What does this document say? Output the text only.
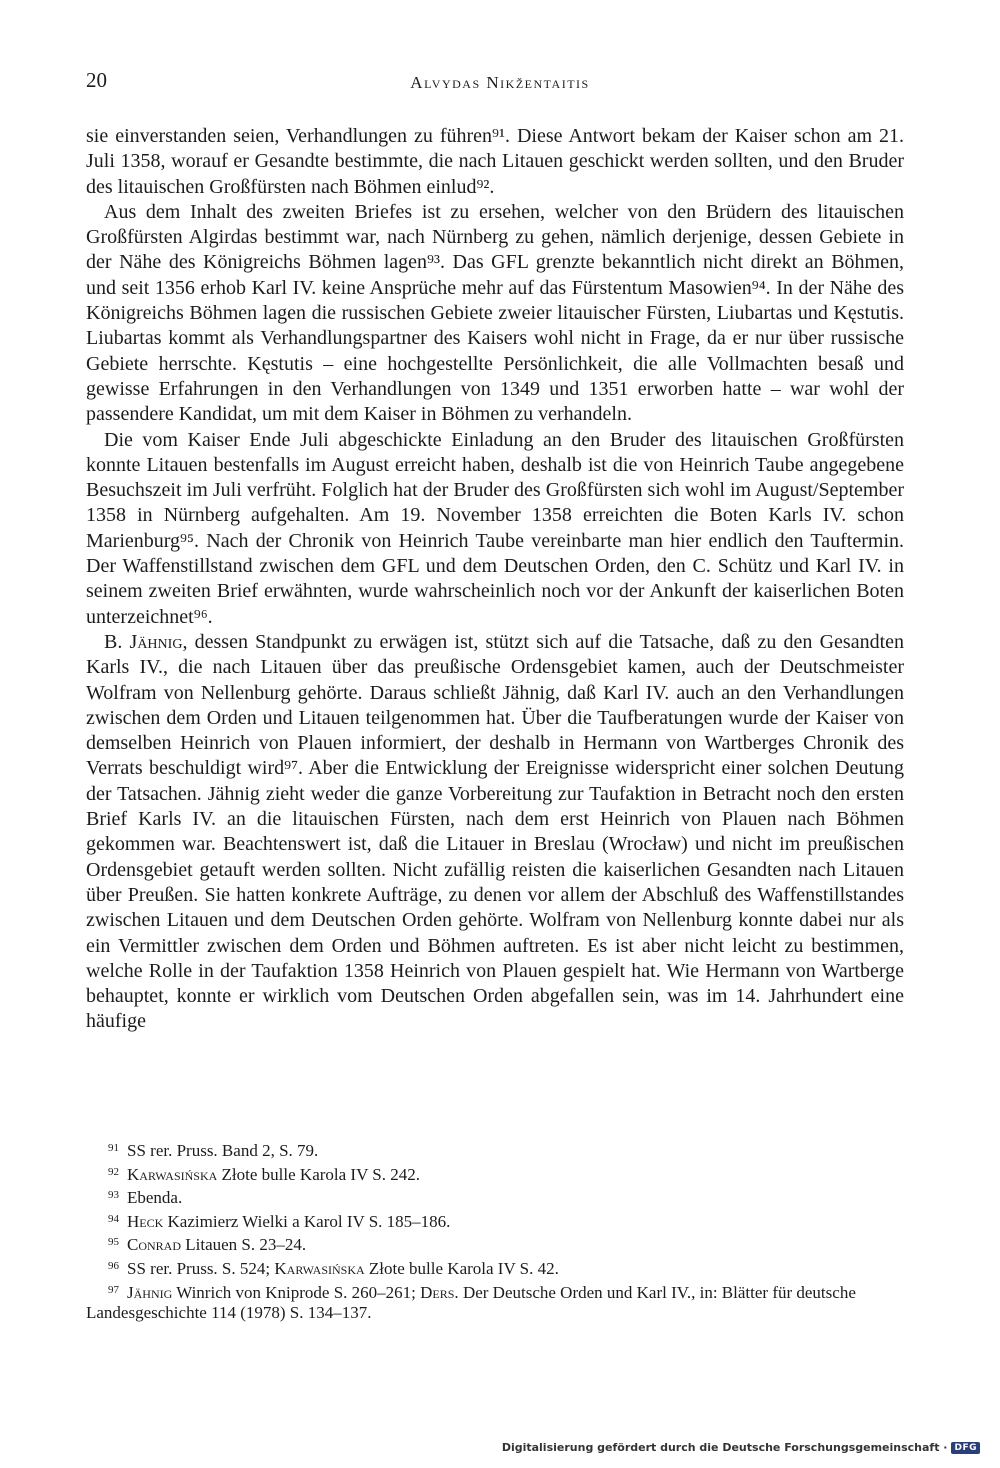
20	Alvydas Nikžentaitis

sie einverstanden seien, Verhandlungen zu führen⁹¹. Diese Antwort bekam der Kaiser schon am 21. Juli 1358, worauf er Gesandte bestimmte, die nach Litauen geschickt werden sollten, und den Bruder des litauischen Großfürsten nach Böhmen einlud⁹².

Aus dem Inhalt des zweiten Briefes ist zu ersehen, welcher von den Brüdern des litauischen Großfürsten Algirdas bestimmt war, nach Nürnberg zu gehen, nämlich derjenige, dessen Gebiete in der Nähe des Königreichs Böhmen lagen⁹³. Das GFL grenzte bekanntlich nicht direkt an Böhmen, und seit 1356 erhob Karl IV. keine Ansprüche mehr auf das Fürstentum Masowien⁹⁴. In der Nähe des Königreichs Böhmen lagen die russischen Gebiete zweier litauischer Fürsten, Liubartas und Kęstutis. Liubartas kommt als Verhandlungspartner des Kaisers wohl nicht in Frage, da er nur über russische Gebiete herrschte. Kęstutis – eine hochgestellte Persönlichkeit, die alle Vollmachten besaß und gewisse Erfahrungen in den Verhandlungen von 1349 und 1351 erworben hatte – war wohl der passendere Kandidat, um mit dem Kaiser in Böhmen zu verhandeln.

Die vom Kaiser Ende Juli abgeschickte Einladung an den Bruder des litauischen Großfürsten konnte Litauen bestenfalls im August erreicht haben, deshalb ist die von Heinrich Taube angegebene Besuchszeit im Juli verfrüht. Folglich hat der Bruder des Großfürsten sich wohl im August/September 1358 in Nürnberg aufgehalten. Am 19. November 1358 erreichten die Boten Karls IV. schon Marienburg⁹⁵. Nach der Chronik von Heinrich Taube vereinbarte man hier endlich den Tauftermin. Der Waffenstillstand zwischen dem GFL und dem Deutschen Orden, den C. Schütz und Karl IV. in seinem zweiten Brief erwähnten, wurde wahrscheinlich noch vor der Ankunft der kaiserlichen Boten unterzeichnet⁹⁶.

B. Jähnig, dessen Standpunkt zu erwägen ist, stützt sich auf die Tatsache, daß zu den Gesandten Karls IV., die nach Litauen über das preußische Ordensgebiet kamen, auch der Deutschmeister Wolfram von Nellenburg gehörte. Daraus schließt Jähnig, daß Karl IV. auch an den Verhandlungen zwischen dem Orden und Litauen teilgenommen hat. Über die Taufberatungen wurde der Kaiser von demselben Heinrich von Plauen informiert, der deshalb in Hermann von Wartberges Chronik des Verrats beschuldigt wird⁹⁷. Aber die Entwicklung der Ereignisse widerspricht einer solchen Deutung der Tatsachen. Jähnig zieht weder die ganze Vorbereitung zur Taufaktion in Betracht noch den ersten Brief Karls IV. an die litauischen Fürsten, nach dem erst Heinrich von Plauen nach Böhmen gekommen war. Beachtenswert ist, daß die Litauer in Breslau (Wrocław) und nicht im preußischen Ordensgebiet getauft werden sollten. Nicht zufällig reisten die kaiserlichen Gesandten nach Litauen über Preußen. Sie hatten konkrete Aufträge, zu denen vor allem der Abschluß des Waffenstillstandes zwischen Litauen und dem Deutschen Orden gehörte. Wolfram von Nellenburg konnte dabei nur als ein Vermittler zwischen dem Orden und Böhmen auftreten. Es ist aber nicht leicht zu bestimmen, welche Rolle in der Taufaktion 1358 Heinrich von Plauen gespielt hat. Wie Hermann von Wartberge behauptet, konnte er wirklich vom Deutschen Orden abgefallen sein, was im 14. Jahrhundert eine häufige

$^{91}$ SS rer. Pruss. Band 2, S. 79.

$^{92}$ Karwasińska Złote bulle Karola IV S. 242.

$^{93}$ Ebenda.

$^{94}$ Heck Kazimierz Wielki a Karol IV S. 185–186.

$^{95}$ Conrad Litauen S. 23–24.

$^{96}$ SS rer. Pruss. S. 524; Karwasińska Złote bulle Karola IV S. 42.

$^{97}$ Jähnig Winrich von Kniprode S. 260–261; Ders. Der Deutsche Orden und Karl IV., in: Blätter für deutsche Landesgeschichte 114 (1978) S. 134–137.

Digitalisierung gefördert durch die Deutsche Forschungsgemeinschaft · DFG
